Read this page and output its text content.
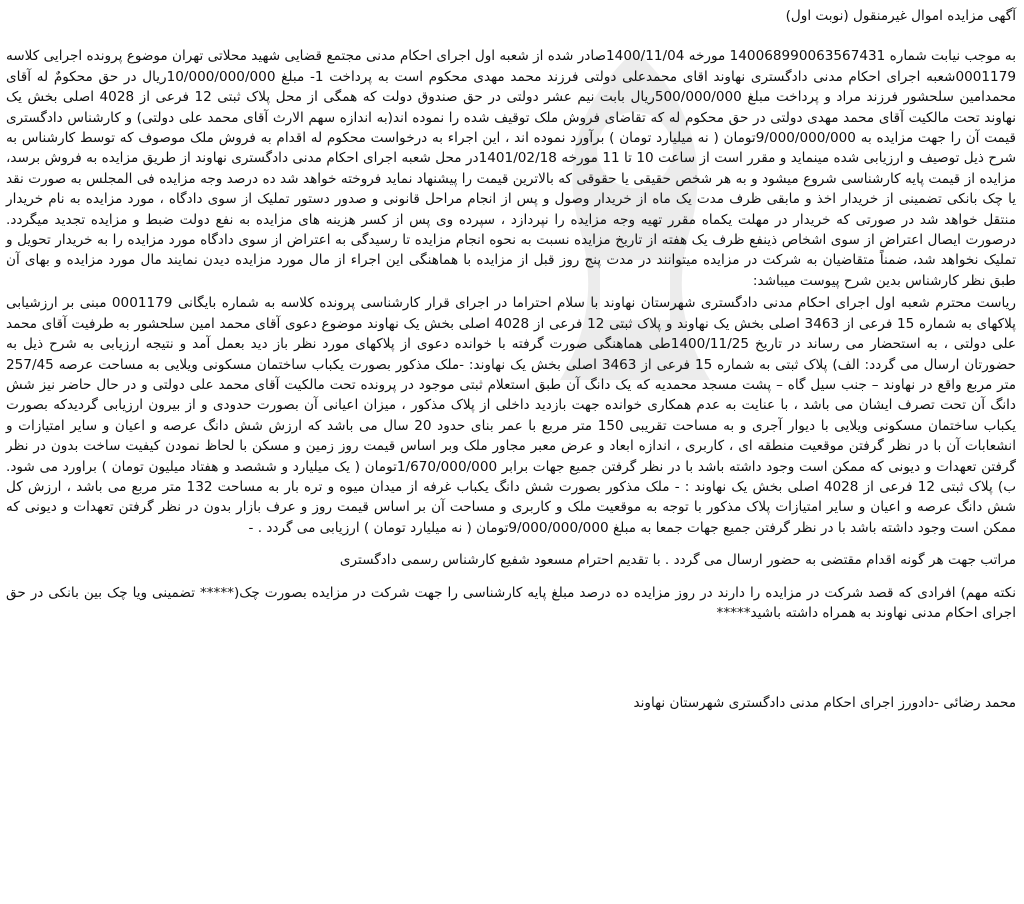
آگهی مزایده اموال غیرمنقول (نوبت اول)

به موجب نیابت شماره 140068990063567431 مورخه 1400/11/04صادر شده از شعبه اول اجرای احکام مدنی مجتمع قضایی شهید محلاتی تهران موضوع پرونده اجرایی کلاسه 0001179شعبه اجرای احکام مدنی دادگستری نهاوند اقای محمدعلی دولتی فرزند محمد مهدی محکوم است به پرداخت 1- مبلغ 10/000/000/000ریال در حق محکومٌ له آقای محمدامین سلحشور فرزند مراد و پرداخت مبلغ 500/000/000ریال بابت نیم عشر دولتی در حق صندوق دولت که همگی از محل پلاک ثبتی 12 فرعی از 4028 اصلی بخش یک نهاوند تحت مالکیت آقای محمد مهدی دولتی در حق محکوم له که تقاضای فروش ملک توقیف شده را نموده اند(به اندازه سهم الارث آقای محمد علی دولتی) و کارشناس دادگستری قیمت آن را جهت مزایده به 9/000/000/000تومان ( نه میلیارد تومان ) برآورد نموده اند ، این اجراء به درخواست محکوم له اقدام به فروش ملک موصوف که توسط کارشناس به شرح ذیل توصیف و ارزیابی شده مینماید و مقرر است از ساعت 10 تا 11 مورخه 1401/02/18در محل شعبه اجرای احکام مدنی دادگستری نهاوند از طریق مزایده به فروش برسد، مزایده از قیمت پایه کارشناسی شروع میشود و به هر شخص حقیقی یا حقوقی که بالاترین قیمت را پیشنهاد نماید فروخته خواهد شد ده درصد وجه مزایده فی المجلس به صورت نقد یا چک بانکی تضمینی از خریدار اخذ و مابقی ظرف مدت یک ماه از خریدار وصول و پس از انجام مراحل قانونی و صدور دستور تملیک از سوی دادگاه ، مورد مزایده به نام خریدار منتقل خواهد شد در صورتی که خریدار در مهلت یکماه مقرر تهیه وجه مزایده را نپردازد ، سپرده وی پس از کسر هزینه های مزایده به نفع دولت ضبط و مزایده تجدید میگردد. درصورت ایصال اعتراض از سوی اشخاص ذینفع ظرف یک هفته از تاریخ مزایده نسبت به نحوه انجام مزایده تا رسیدگی به اعتراض از سوی دادگاه مورد مزایده را به خریدار تحویل و تملیک نخواهد شد، ضمناً متقاضیان به شرکت در مزایده میتوانند در مدت پنج روز قبل از مزایده با هماهنگی این اجراء از مال مورد مزایده دیدن نمایند مال مورد مزایده و بهای آن طبق نظر کارشناس بدین شرح پیوست میباشد:

ریاست محترم شعبه اول اجرای احکام مدنی دادگستری شهرستان نهاوند با سلام احتراما در اجرای قرار کارشناسی پرونده کلاسه به شماره بایگانی 0001179 مبنی بر ارزشیابی پلاکهای به شماره 15 فرعی از 3463 اصلی بخش یک نهاوند و پلاک ثبتی 12 فرعی از 4028 اصلی بخش یک نهاوند موضوع دعوی آقای محمد امین سلحشور به طرفیت آقای محمد علی دولتی ، به استحضار می رساند در تاریخ 1400/11/25طی هماهنگی صورت گرفته با خوانده دعوی از پلاکهای مورد نظر باز دید بعمل آمد و نتیجه ارزیابی به شرح ذیل به حضورتان ارسال می گردد: الف) پلاک ثبتی به شماره 15 فرعی از 3463 اصلی بخش یک نهاوند: -ملک مذکور بصورت یکباب ساختمان مسکونی ویلایی به مساحت عرصه 257/45 متر مربع واقع در نهاوند – جنب سیل گاه – پشت مسجد محمدیه که یک دانگ آن طبق استعلام ثبتی موجود در پرونده تحت مالکیت آقای محمد علی دولتی و در حال حاضر نیز شش دانگ آن تحت تصرف ایشان می باشد ، با عنایت به عدم همکاری خوانده جهت بازدید داخلی از پلاک مذکور ، میزان اعیانی آن بصورت حدودی و از بیرون ارزیابی گردیدکه بصورت یکباب ساختمان مسکونی ویلایی با دیوار آجری و به مساحت تقریبی 150 متر مربع با عمر بنای حدود 20 سال می باشد که ارزش شش دانگ عرصه و اعیان و سایر امتیازات و انشعابات آن با در نظر گرفتن موقعیت منطقه ای ، کاربری ، اندازه ابعاد و عرض معبر مجاور ملک وبر اساس قیمت روز زمین و مسکن با لحاظ نمودن کیفیت ساخت بدون در نظر گرفتن تعهدات و دیونی که ممکن است وجود داشته باشد با در نظر گرفتن جمیع جهات برابر 1/670/000/000تومان ( یک میلیارد و ششصد و هفتاد میلیون تومان ) براورد می شود. ب) پلاک ثبتی 12 فرعی از 4028 اصلی بخش یک نهاوند : - ملک مذکور بصورت شش دانگ یکباب غرفه از میدان میوه و تره بار به مساحت 132 متر مربع می باشد ، ارزش کل شش دانگ عرصه و اعیان و سایر امتیازات پلاک مذکور با توجه به موقعیت ملک و کاربری و مساحت آن بر اساس قیمت روز و عرف بازار بدون در نظر گرفتن تعهدات و دیونی که ممکن است وجود داشته باشد با در نظر گرفتن جمیع جهات جمعا به مبلغ 9/000/000/000تومان ( نه میلیارد تومان ) ارزیابی می گردد . -

مراتب جهت هر گونه اقدام مقتضی به حضور ارسال می گردد . با تقدیم احترام مسعود شفیع کارشناس رسمی دادگستری

نکته مهم) افرادی که قصد شرکت در مزایده را دارند در روز مزایده ده درصد مبلغ پایه کارشناسی را جهت شرکت در مزایده بصورت چک(***** تضمینی ویا چک بین بانکی در حق اجرای احکام مدنی نهاوند به همراه داشته باشید*****

محمد رضائی -دادورز اجرای احکام مدنی دادگستری شهرستان نهاوند
